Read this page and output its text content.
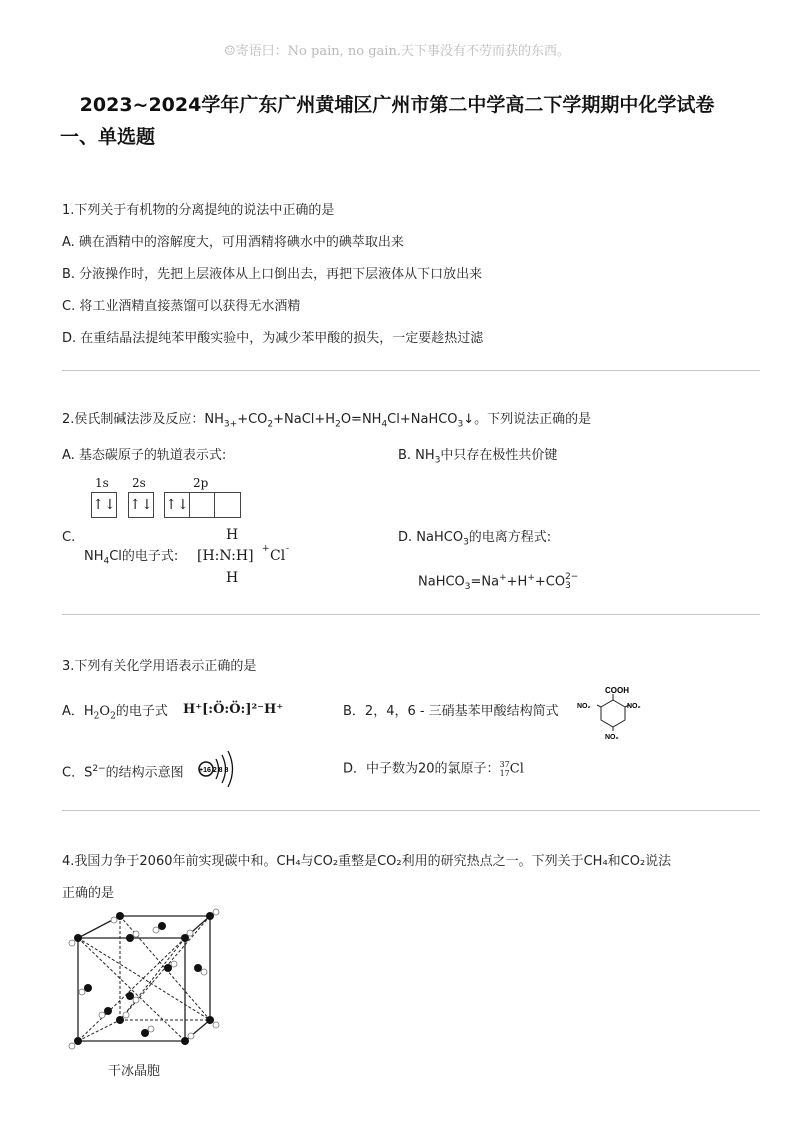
☺寄语曰：No pain, no gain.天下事没有不劳而获的东西。
2023~2024学年广东广州黄埔区广州市第二中学高二下学期期中化学试卷
一、单选题
1.下列关于有机物的分离提纯的说法中正确的是
A. 碘在酒精中的溶解度大，可用酒精将碘水中的碘萃取出来
B. 分液操作时，先把上层液体从上口倒出去，再把下层液体从下口放出来
C. 将工业酒精直接蒸馏可以获得无水酒精
D. 在重结晶法提纯苯甲酸实验中，为减少苯甲酸的损失，一定要趁热过滤
2.侯氏制碱法涉及反应：$NH_{3+}+CO_2+NaCl+H_2O=NH_4Cl+NaHCO_3↓$。下列说法正确的是
A. 基态碳原子的轨道表示式:	B. $NH_3$中只存在极性共价键
1s 2s	2p
↑↓ ↑↓ ↑↓
C.
$NH_4Cl$的电子式:
H
[H:N:H] + Cl -
H
D. NaHCO$_3$的电离方程式:
NaHCO$_3$=Na++H++CO 2−
3
3.下列有关化学用语表示正确的是
A．$H_2O_2$的电子式 H⁺[:Ö:Ö:]²⁻H⁺	B．2，4，6 - 三硝基苯甲酸结构简式
COOH
NO₂
NO₂
NO₂
C．$S^{2-}$的结构示意图 +16 2 8 8	D．中子数为20的氯原子： 37
17 Cl
4.我国力争于2060年前实现碳中和。CH₄与CO₂重整是CO₂利用的研究热点之一。下列关于CH₄和CO₂说法
正确的是
干冰晶胞
